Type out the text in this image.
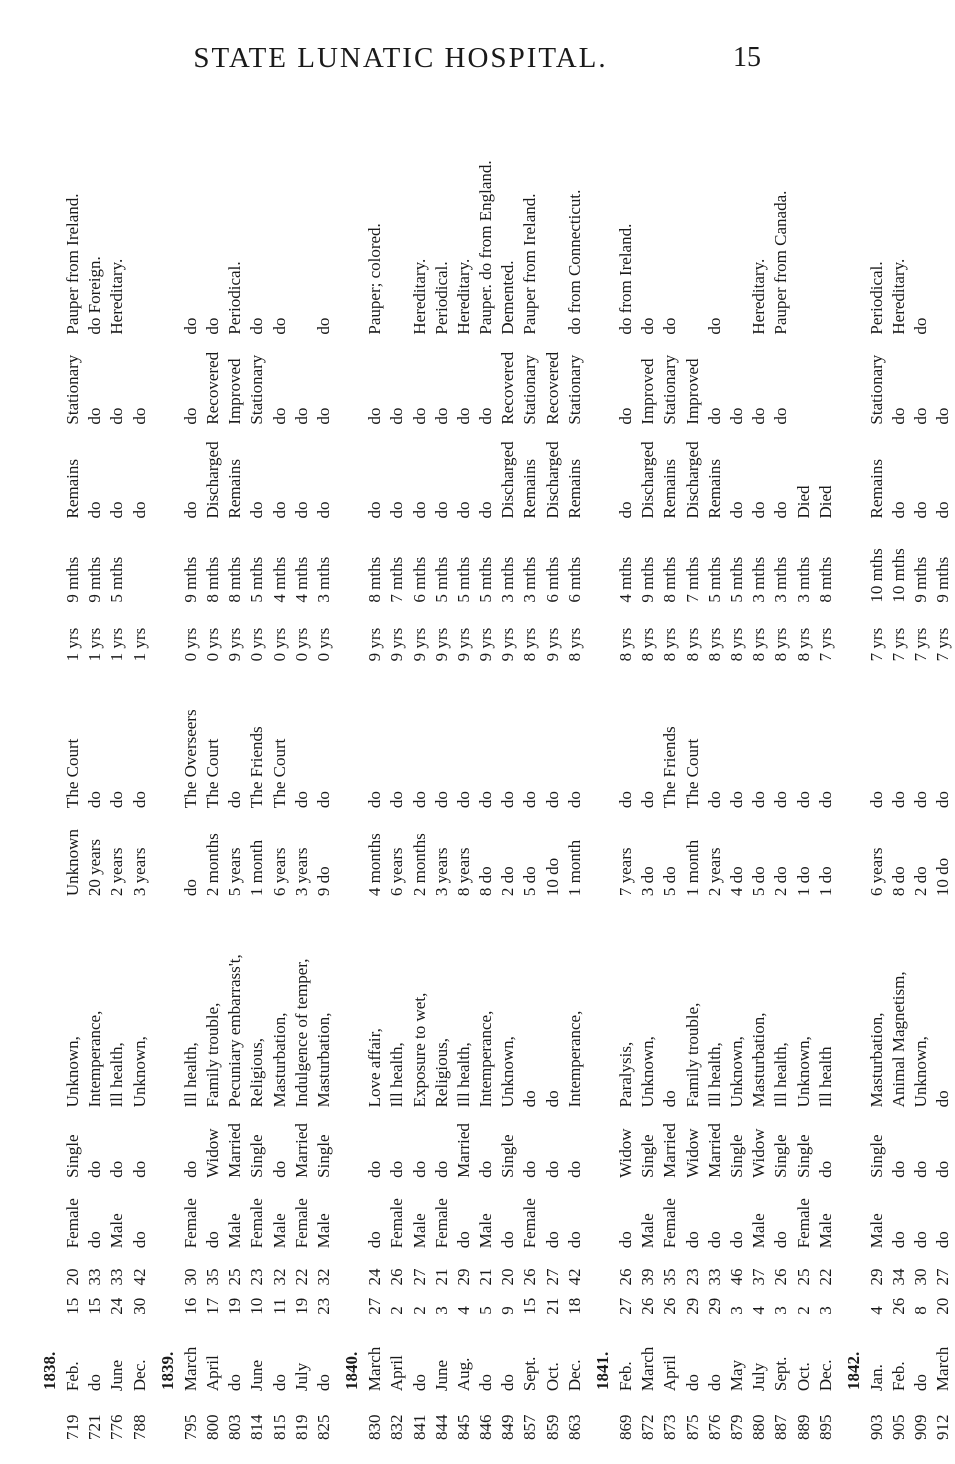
STATE LUNATIC HOSPITAL.	15
1838.
719
Feb.
15
20
Female
Single
Unknown,
Unknown
The Court
1 yrs
9 mths
Remains
Stationary
Pauper from Ireland.
721
do
15
33
do
do
Intemperance,
20 years
do
1 yrs
9 mths
do
do
do Foreign.
776
June
24
33
Male
do
Ill health,
2 years
do
1 yrs
5 mths
do
do
Hereditary.
788
Dec.
30
42
do
do
Unknown,
3 years
do
1 yrs
do
do
1839.
795
March
16
30
Female
do
Ill health,
do
The Overseers
0 yrs
9 mths
do
do
do
800
April
17
35
do
Widow
Family trouble,
2 months
The Court
0 yrs
8 mths
Discharged
Recovered
do
803
do
19
25
Male
Married
Pecuniary embarrass't,
5 years
do
9 yrs
8 mths
Remains
Improved
Periodical.
814
June
10
23
Female
Single
Religious,
1 month
The Friends
0 yrs
5 mths
do
Stationary
do
815
do
11
32
Male
do
Masturbation,
6 years
The Court
0 yrs
4 mths
do
do
do
819
July
19
22
Female
Married
Indulgence of temper,
3 years
do
0 yrs
4 mths
do
do
825
do
23
32
Male
Single
Masturbation,
9 do
do
0 yrs
3 mths
do
do
do
1840.
830
March
27
24
do
do
Love affair,
4 months
do
9 yrs
8 mths
do
do
Pauper; colored.
832
April
2
26
Female
do
Ill health,
6 years
do
9 yrs
7 mths
do
do
841
do
2
27
Male
do
Exposure to wet,
2 months
do
9 yrs
6 mths
do
do
Hereditary.
844
June
3
21
Female
do
Religious,
3 years
do
9 yrs
5 mths
do
do
Periodical.
845
Aug.
4
29
do
Married
Ill health,
8 years
do
9 yrs
5 mths
do
do
Hereditary.
846
do
5
21
Male
do
Intemperance,
8 do
do
9 yrs
5 mths
do
do
Pauper. do from England.
849
do
9
20
do
Single
Unknown,
2 do
do
9 yrs
3 mths
Discharged
Recovered
Demented.
857
Sept.
15
26
Female
do
do
5 do
do
8 yrs
3 mths
Remains
Stationary
Pauper from Ireland.
859
Oct.
21
27
do
do
do
10 do
do
9 yrs
6 mths
Discharged
Recovered
863
Dec.
18
42
do
do
Intemperance,
1 month
do
8 yrs
6 mths
Remains
Stationary
do from Connecticut.
1841.
869
Feb.
27
26
do
Widow
Paralysis,
7 years
do
8 yrs
4 mths
do
do
do from Ireland.
872
March
26
39
Male
Single
Unknown,
3 do
do
8 yrs
9 mths
Discharged
Improved
do
873
April
26
35
Female
Married
do
5 do
The Friends
8 yrs
8 mths
Remains
Stationary
do
875
do
29
23
do
Widow
Family trouble,
1 month
The Court
8 yrs
7 mths
Discharged
Improved
876
do
29
33
do
Married
Ill health,
2 years
do
8 yrs
5 mths
Remains
do
do
879
May
3
46
do
Single
Unknown,
4 do
do
8 yrs
5 mths
do
do
880
July
4
37
Male
Widow
Masturbation,
5 do
do
8 yrs
3 mths
do
do
Hereditary.
887
Sept.
3
26
do
Single
Ill health,
2 do
do
8 yrs
3 mths
do
do
Pauper from Canada.
889
Oct.
2
25
Female
Single
Unknown,
1 do
do
8 yrs
3 mths
Died
895
Dec.
3
22
Male
do
Ill health
1 do
do
7 yrs
8 mths
Died
1842.
903
Jan.
4
29
Male
Single
Masturbation,
6 years
do
7 yrs
10 mths
Remains
Stationary
Periodical.
905
Feb.
26
34
do
do
Animal Magnetism,
8 do
do
7 yrs
10 mths
do
do
Hereditary.
909
do
8
30
do
do
Unknown,
2 do
do
7 yrs
9 mths
do
do
do
912
March
20
27
do
do
do
10 do
do
7 yrs
9 mths
do
do
